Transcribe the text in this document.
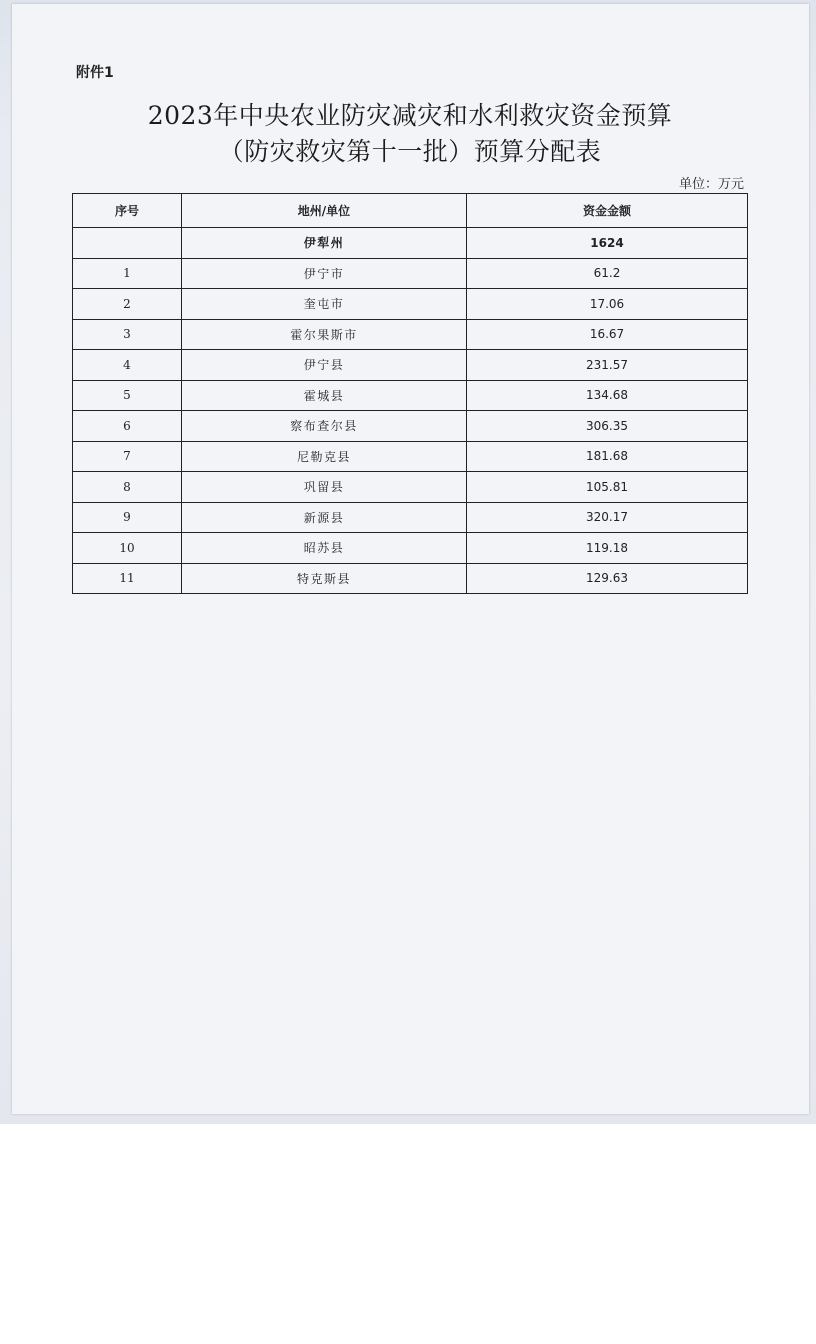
附件1
2023年中央农业防灾减灾和水利救灾资金预算
（防灾救灾第十一批）预算分配表
单位：万元
序号	地州/单位	资金金额
	伊犁州	1624
1	伊宁市	61.2
2	奎屯市	17.06
3	霍尔果斯市	16.67
4	伊宁县	231.57
5	霍城县	134.68
6	察布查尔县	306.35
7	尼勒克县	181.68
8	巩留县	105.81
9	新源县	320.17
10	昭苏县	119.18
11	特克斯县	129.63
